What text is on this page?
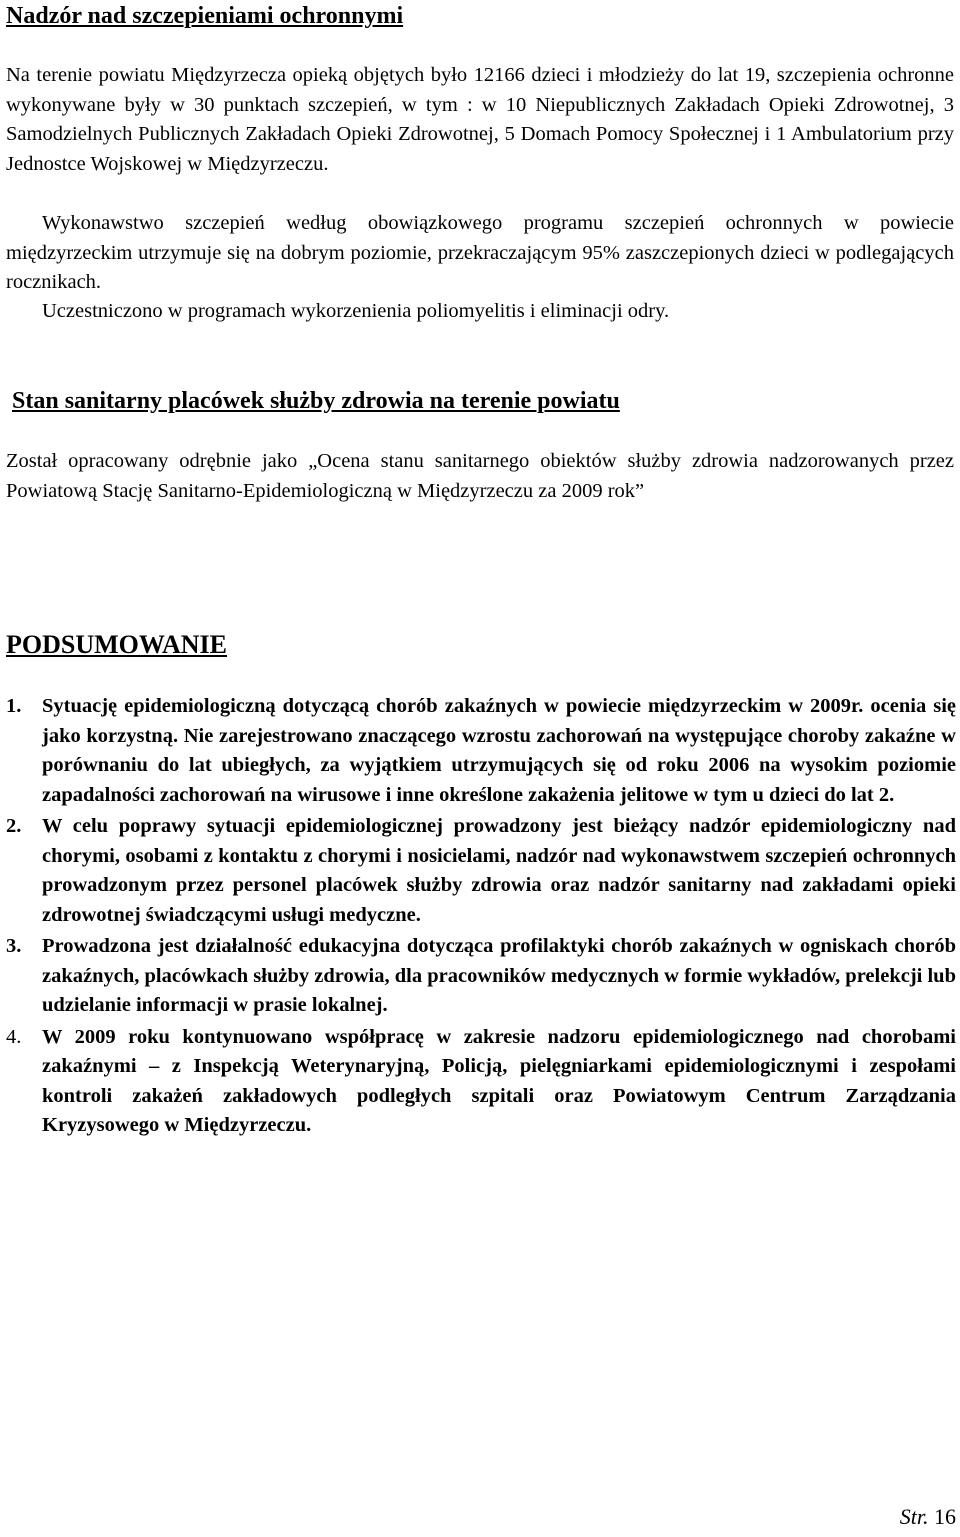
Nadzór nad szczepieniami ochronnymi

Na terenie powiatu Międzyrzecza opieką objętych było 12166 dzieci i młodzieży do lat 19, szczepienia ochronne wykonywane były w 30 punktach szczepień, w tym : w 10 Niepublicznych Zakładach Opieki Zdrowotnej, 3 Samodzielnych Publicznych Zakładach Opieki Zdrowotnej, 5 Domach Pomocy Społecznej i 1 Ambulatorium przy Jednostce Wojskowej w Międzyrzeczu.

Wykonawstwo szczepień według obowiązkowego programu szczepień ochronnych w powiecie międzyrzeckim utrzymuje się na dobrym poziomie, przekraczającym 95% zaszczepionych dzieci w podlegających rocznikach.

Uczestniczono w programach wykorzenienia poliomyelitis i eliminacji odry.

Stan sanitarny placówek służby zdrowia na terenie powiatu

Został opracowany odrębnie jako „Ocena stanu sanitarnego obiektów służby zdrowia nadzorowanych przez Powiatową Stację Sanitarno-Epidemiologiczną w Międzyrzeczu za 2009 rok”

PODSUMOWANIE
1.	Sytuację epidemiologiczną dotyczącą chorób zakaźnych w powiecie międzyrzeckim w 2009r. ocenia się jako korzystną. Nie zarejestrowano znaczącego wzrostu zachorowań na występujące choroby zakaźne w porównaniu do lat ubiegłych, za wyjątkiem utrzymujących się od roku 2006 na wysokim poziomie zapadalności zachorowań na wirusowe i inne określone zakażenia jelitowe w tym u dzieci do lat 2.
2.	W celu poprawy sytuacji epidemiologicznej prowadzony jest bieżący nadzór epidemiologiczny nad chorymi, osobami z kontaktu z chorymi i nosicielami, nadzór nad wykonawstwem szczepień ochronnych prowadzonym przez personel placówek służby zdrowia oraz nadzór sanitarny nad zakładami opieki zdrowotnej świadczącymi usługi medyczne.
3.	Prowadzona jest działalność edukacyjna dotycząca profilaktyki chorób zakaźnych w ogniskach chorób zakaźnych, placówkach służby zdrowia, dla pracowników medycznych w formie wykładów, prelekcji lub udzielanie informacji w prasie lokalnej.
4.	W 2009 roku kontynuowano współpracę w zakresie nadzoru epidemiologicznego nad chorobami zakaźnymi – z Inspekcją Weterynaryjną, Policją, pielęgniarkami epidemiologicznymi i zespołami kontroli zakażeń zakładowych podległych szpitali oraz Powiatowym Centrum Zarządzania Kryzysowego w Międzyrzeczu.
Str. 16
